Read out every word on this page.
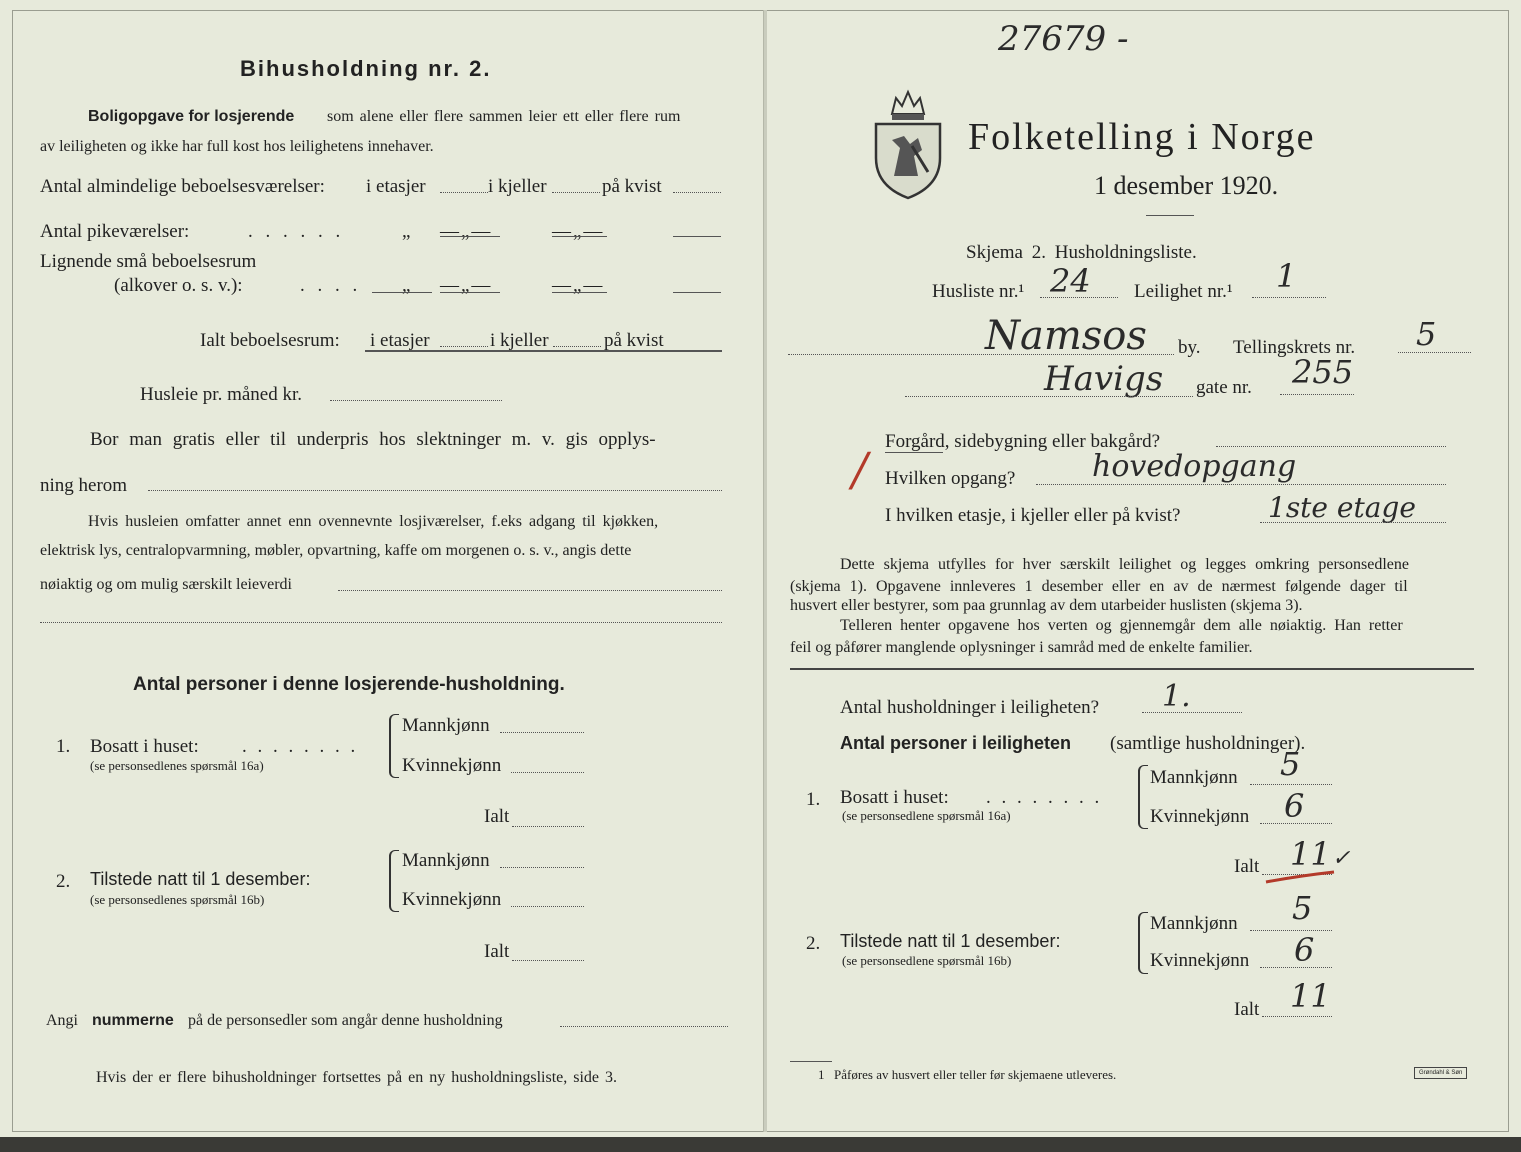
27679 -
Bihusholdning nr. 2.
Boligopgave for losjerende som alene eller flere sammen leier ett eller flere rum
av leiligheten og ikke har full kost hos leilighetens innehaver.
Antal almindelige beboelsesværelser: i etasjer	i kjeller	på kvist
Antal pikeværelser:	. . . . . .	„ —„—	—„—
Lignende små beboelsesrum
(alkover o. s. v.):	. . . . „ —„—	—„—
Ialt beboelsesrum: i etasjer	i kjeller	på kvist
Husleie pr. måned kr.
Bor man gratis eller til underpris hos slektninger m. v. gis opplys-
ning herom
Hvis husleien omfatter annet enn ovennevnte losjiværelser, f.eks adgang til kjøkken,
elektrisk lys, centralopvarmning, møbler, opvartning, kaffe om morgenen o. s. v., angis dette
nøiaktig og om mulig særskilt leieverdi
Antal personer i denne losjerende-husholdning.
1. Bosatt i huset: . . . . . . . .
(se personsedlenes spørsmål 16a)
Mannkjønn
Kvinnekjønn
Ialt
2. Tilstede natt til 1 desember:
(se personsedlenes spørsmål 16b)
Mannkjønn
Kvinnekjønn
Ialt
Angi nummerne på de personsedler som angår denne husholdning
Hvis der er flere bihusholdninger fortsettes på en ny husholdningsliste, side 3.
Folketelling i Norge
1 desember 1920.
Skjema 2. Husholdningsliste.
Husliste nr.¹ 24 Leilighet nr.¹ 1
Namsos by. Tellingskrets nr. 5
Havigs gate nr. 255
Forgård, sidebygning eller bakgård?
/ Hvilken opgang?	hovedopgang
I hvilken etasje, i kjeller eller på kvist?	1ste etage
Dette skjema utfylles for hver særskilt leilighet og legges omkring personsedlene
(skjema 1). Opgavene innleveres 1 desember eller en av de nærmest følgende dager til
husvert eller bestyrer, som paa grunnlag av dem utarbeider huslisten (skjema 3).
Telleren henter opgavene hos verten og gjennemgår dem alle nøiaktig. Han retter
feil og påfører manglende oplysninger i samråd med de enkelte familier.
Antal husholdninger i leiligheten? 1.
Antal personer i leiligheten (samtlige husholdninger).
1. Bosatt i huset: . . . . . . . .
(se personsedlene spørsmål 16a)
Mannkjønn 5
Kvinnekjønn 6
Ialt 11 ✓
2. Tilstede natt til 1 desember:
(se personsedlene spørsmål 16b)
Mannkjønn 5
Kvinnekjønn 6
Ialt 11
1 Påføres av husvert eller teller før skjemaene utleveres.	Grøndahl & Søn
